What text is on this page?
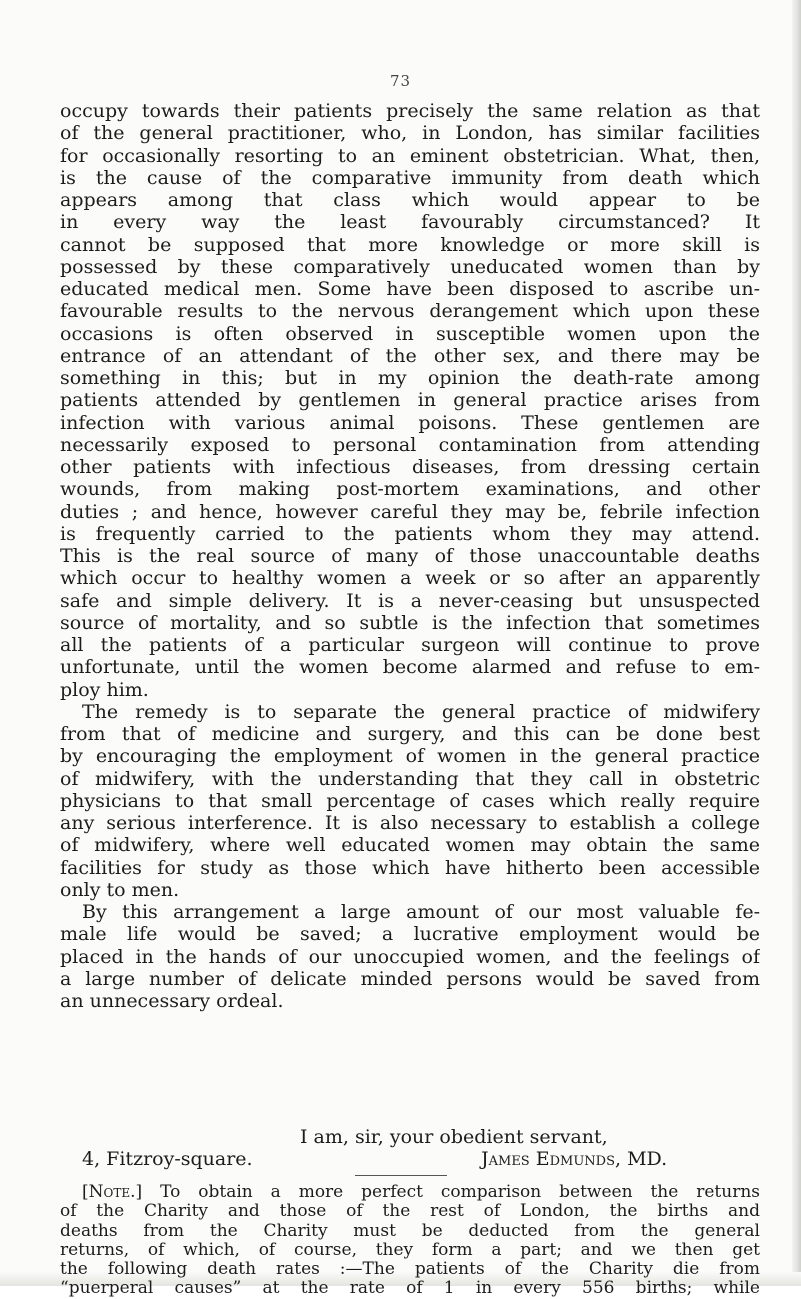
73
occupy towards their patients precisely the same relation as that
of the general practitioner, who, in London, has similar facilities
for occasionally resorting to an eminent obstetrician. What, then,
is the cause of the comparative immunity from death which
appears among that class which would appear to be
in every way the least favourably circumstanced? It
cannot be supposed that more knowledge or more skill is
possessed by these comparatively uneducated women than by
educated medical men. Some have been disposed to ascribe un-
favourable results to the nervous derangement which upon these
occasions is often observed in susceptible women upon the
entrance of an attendant of the other sex, and there may be
something in this; but in my opinion the death-rate among
patients attended by gentlemen in general practice arises from
infection with various animal poisons. These gentlemen are
necessarily exposed to personal contamination from attending
other patients with infectious diseases, from dressing certain
wounds, from making post-mortem examinations, and other
duties ; and hence, however careful they may be, febrile infection
is frequently carried to the patients whom they may attend.
This is the real source of many of those unaccountable deaths
which occur to healthy women a week or so after an apparently
safe and simple delivery. It is a never-ceasing but unsuspected
source of mortality, and so subtle is the infection that sometimes
all the patients of a particular surgeon will continue to prove
unfortunate, until the women become alarmed and refuse to em-
ploy him.
The remedy is to separate the general practice of midwifery
from that of medicine and surgery, and this can be done best
by encouraging the employment of women in the general practice
of midwifery, with the understanding that they call in obstetric
physicians to that small percentage of cases which really require
any serious interference. It is also necessary to establish a college
of midwifery, where well educated women may obtain the same
facilities for study as those which have hitherto been accessible
only to men.
By this arrangement a large amount of our most valuable fe-
male life would be saved; a lucrative employment would be
placed in the hands of our unoccupied women, and the feelings of
a large number of delicate minded persons would be saved from
an unnecessary ordeal.
I am, sir, your obedient servant,
4, Fitzroy-square.	James Edmunds, MD.
[Note.] To obtain a more perfect comparison between the returns
of the Charity and those of the rest of London, the births and
deaths from the Charity must be deducted from the general
returns, of which, of course, they form a part; and we then get
the following death rates :—The patients of the Charity die from
“puerperal causes” at the rate of 1 in every 556 births; while
